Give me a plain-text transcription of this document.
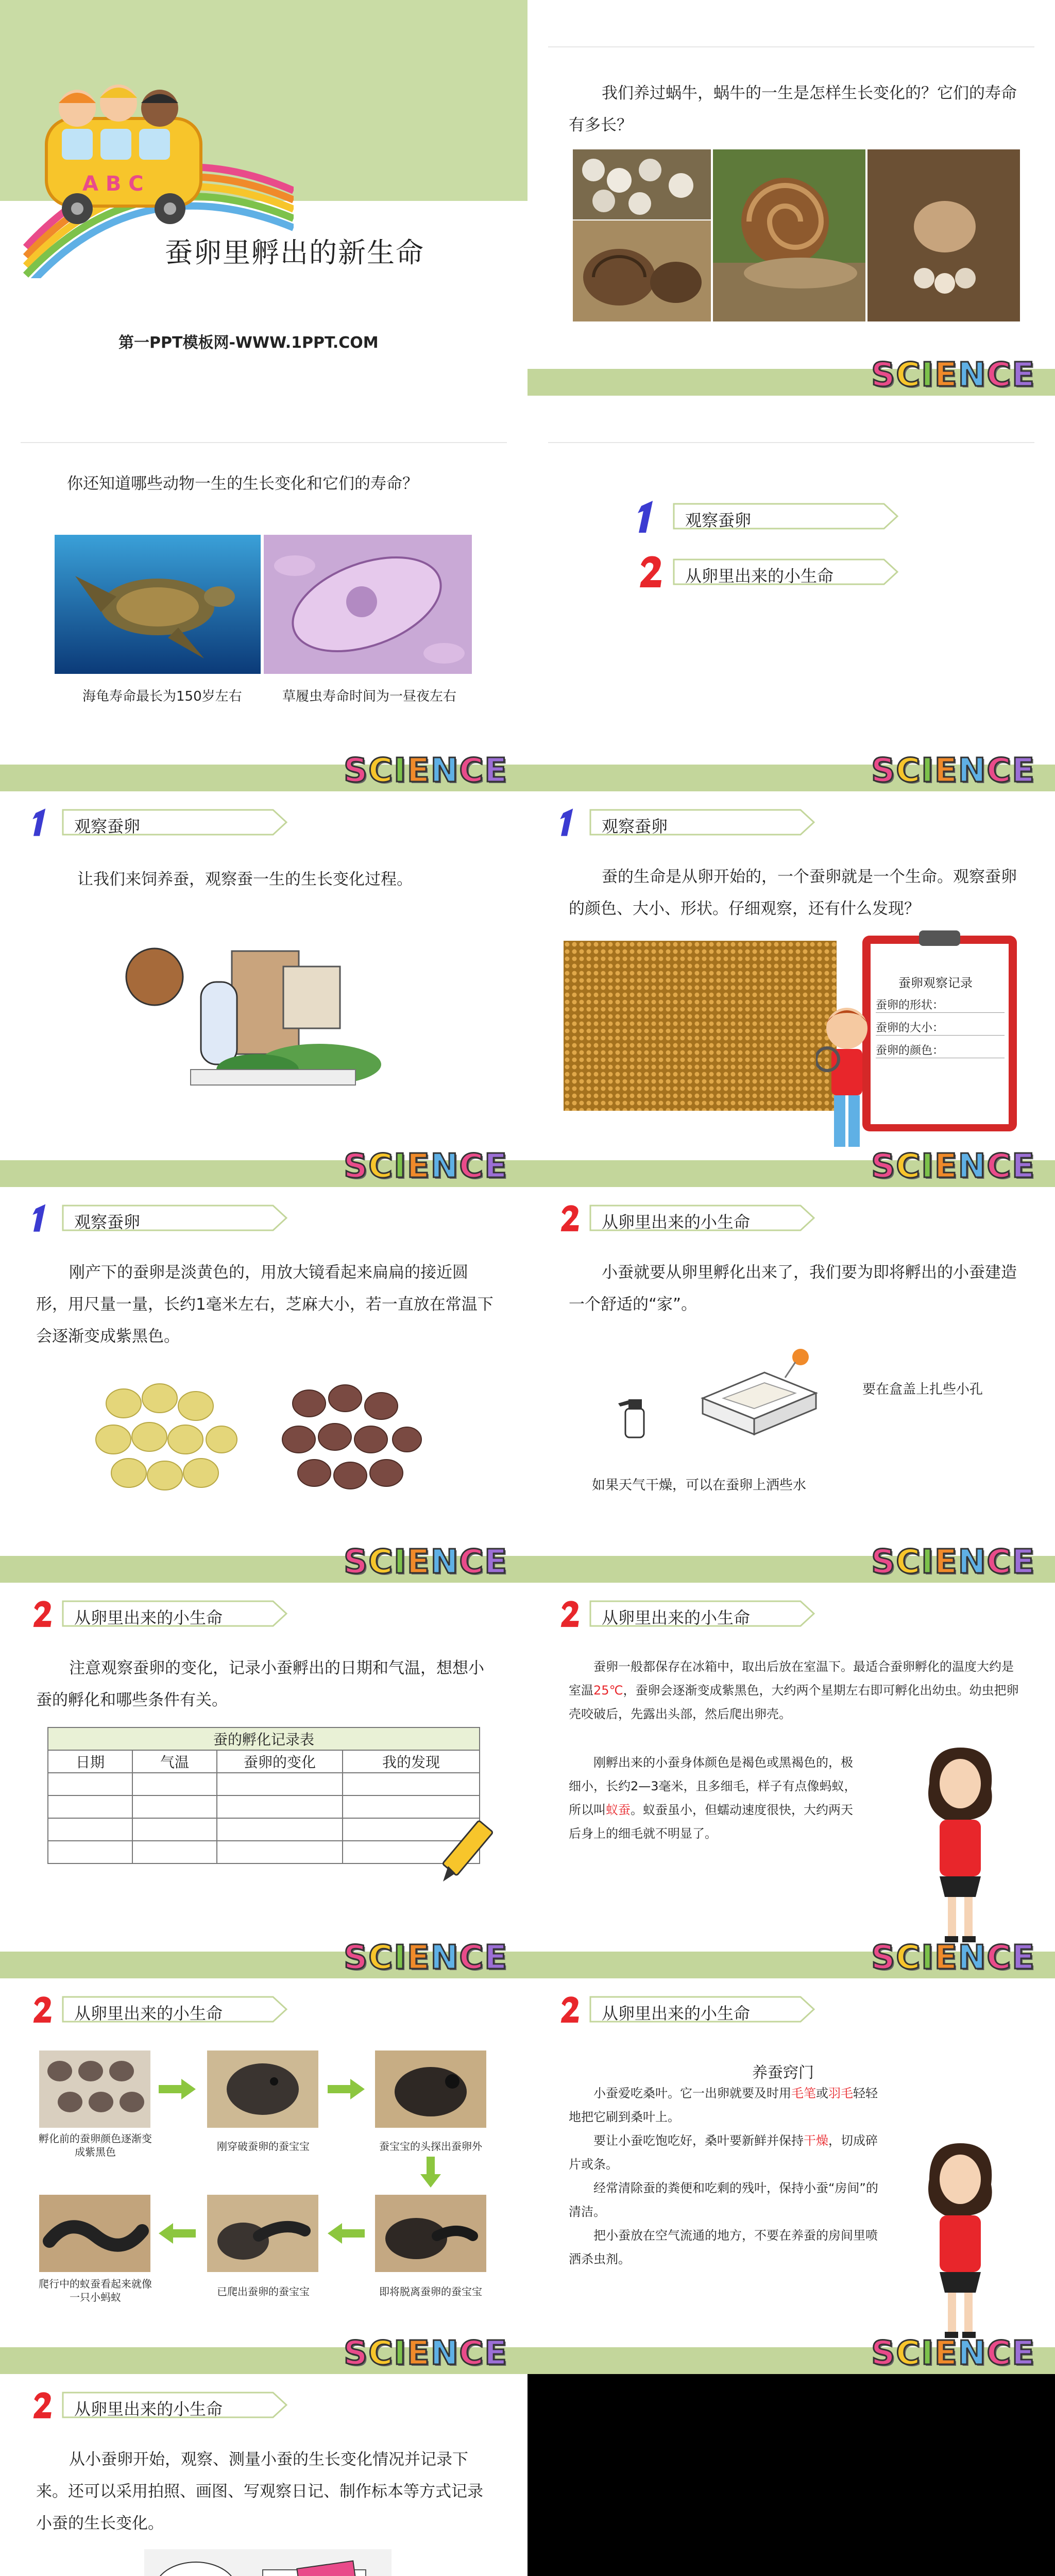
A B C
蚕卵里孵出的新生命
第一PPT模板网-WWW.1PPT.COM
我们养过蜗牛，蜗牛的一生是怎样生长变化的？它们的寿命有多长？
S C I E N C E
你还知道哪些动物一生的生长变化和它们的寿命？
海龟寿命最长为150岁左右	草履虫寿命时间为一昼夜左右
S C I E N C E
观察蚕卵
从卵里出来的小生命
S C I E N C E
观察蚕卵
让我们来饲养蚕，观察蚕一生的生长变化过程。
S C I E N C E
观察蚕卵
蚕的生命是从卵开始的，一个蚕卵就是一个生命。观察蚕卵的颜色、大小、形状。仔细观察，还有什么发现？
蚕卵观察记录
蚕卵的形状：
蚕卵的大小：
蚕卵的颜色：
S C I E N C E
观察蚕卵
刚产下的蚕卵是淡黄色的，用放大镜看起来扁扁的接近圆形，用尺量一量，长约1毫米左右，芝麻大小，若一直放在常温下会逐渐变成紫黑色。
S C I E N C E
从卵里出来的小生命
小蚕就要从卵里孵化出来了，我们要为即将孵出的小蚕建造一个舒适的“家”。
要在盒盖上扎些小孔
如果天气干燥，可以在蚕卵上洒些水
S C I E N C E
从卵里出来的小生命
注意观察蚕卵的变化，记录小蚕孵出的日期和气温，想想小蚕的孵化和哪些条件有关。
蚕的孵化记录表			
日期	气温	蚕卵的变化	我的发现

S C I E N C E
从卵里出来的小生命
蚕卵一般都保存在冰箱中，取出后放在室温下。最适合蚕卵孵化的温度大约是室温25℃，蚕卵会逐渐变成紫黑色，大约两个星期左右即可孵化出幼虫。幼虫把卵壳咬破后，先露出头部，然后爬出卵壳。
刚孵出来的小蚕身体颜色是褐色或黑褐色的，极细小，长约2—3毫米，且多细毛，样子有点像蚂蚁，所以叫蚁蚕。蚁蚕虽小，但蠕动速度很快，大约两天后身上的细毛就不明显了。
S C I E N C E
从卵里出来的小生命
孵化前的蚕卵颜色逐渐变成紫黑色	刚穿破蚕卵的蚕宝宝	蚕宝宝的头探出蚕卵外
爬行中的蚁蚕看起来就像一只小蚂蚁	已爬出蚕卵的蚕宝宝	即将脱离蚕卵的蚕宝宝
S C I E N C E
从卵里出来的小生命
养蚕窍门
小蚕爱吃桑叶。它一出卵就要及时用毛笔或羽毛轻轻地把它刷到桑叶上。
要让小蚕吃饱吃好，桑叶要新鲜并保持干燥，切成碎片或条。
经常清除蚕的粪便和吃剩的残叶，保持小蚕“房间”的清洁。
把小蚕放在空气流通的地方，不要在养蚕的房间里喷洒杀虫剂。
S C I E N C E
从卵里出来的小生命
从小蚕卵开始，观察、测量小蚕的生长变化情况并记录下来。还可以采用拍照、画图、写观察日记、制作标本等方式记录小蚕的生长变化。
